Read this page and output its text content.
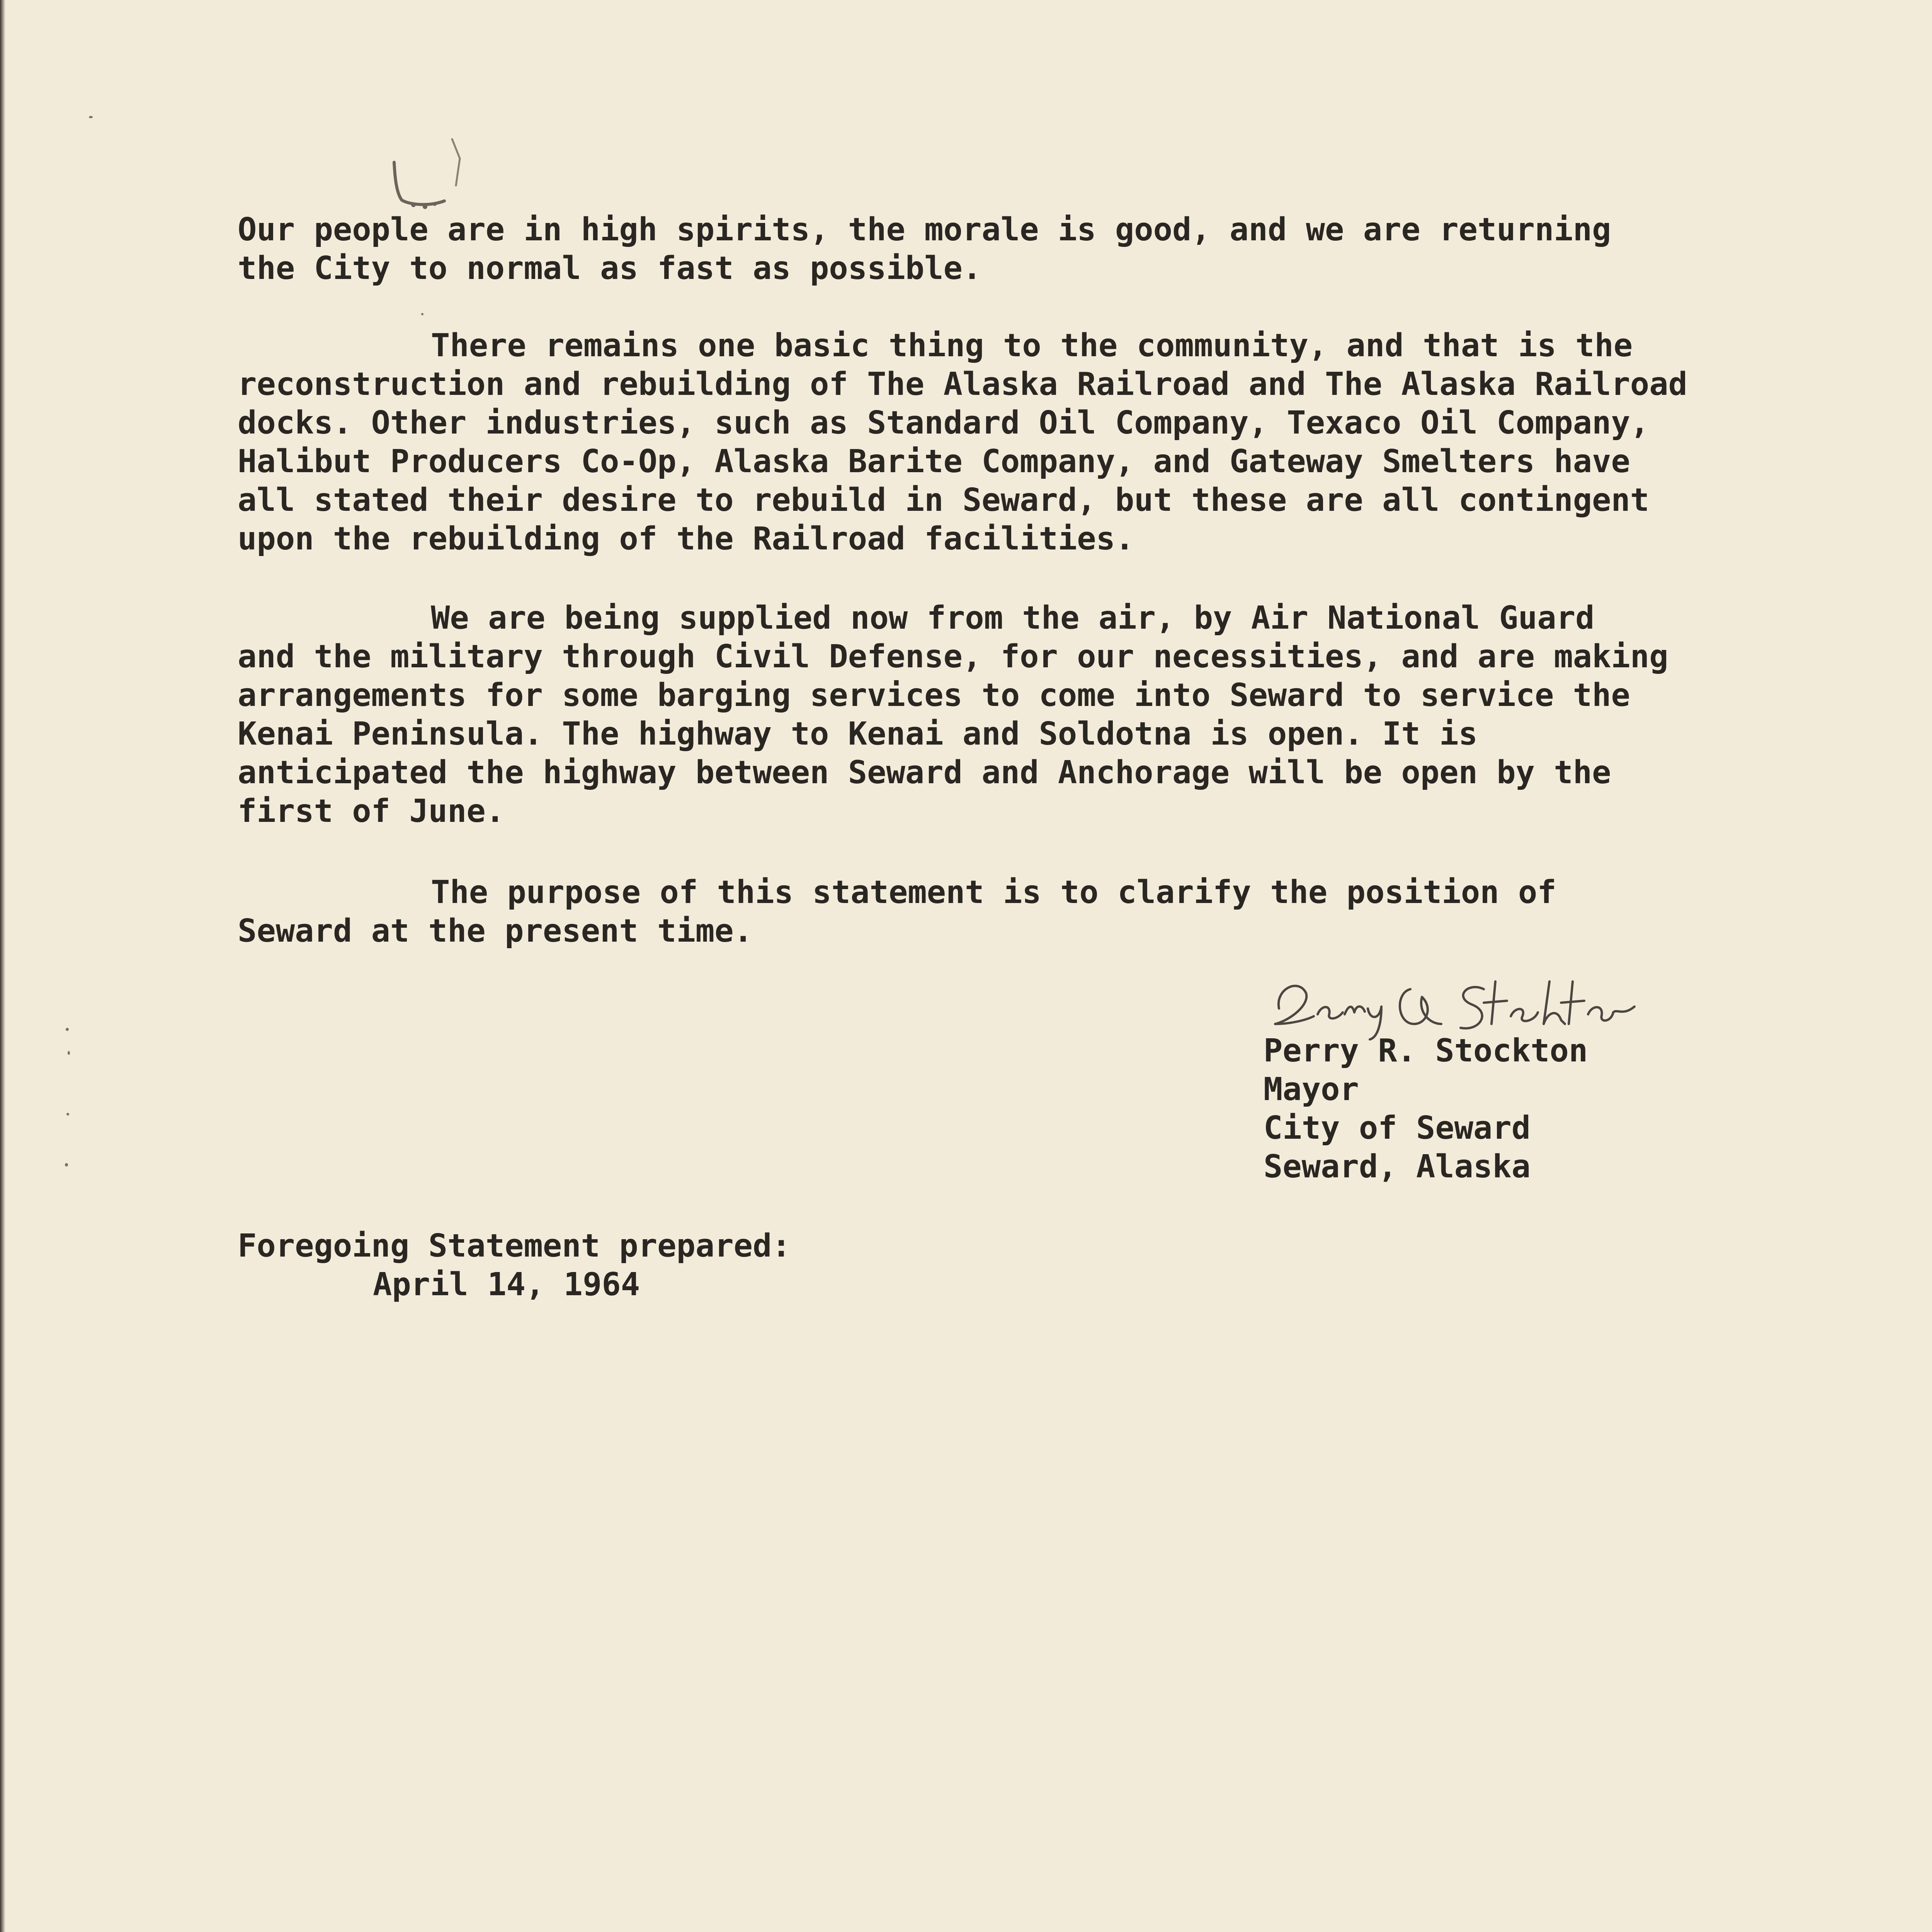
Our people are in high spirits, the morale is good, and we are returning

the City to normal as fast as possible.

There remains one basic thing to the community, and that is the

reconstruction and rebuilding of The Alaska Railroad and The Alaska Railroad

docks. Other industries, such as Standard Oil Company, Texaco Oil Company,

Halibut Producers Co-Op, Alaska Barite Company, and Gateway Smelters have

all stated their desire to rebuild in Seward, but these are all contingent

upon the rebuilding of the Railroad facilities.

We are being supplied now from the air, by Air National Guard

and the military through Civil Defense, for our necessities, and are making

arrangements for some barging services to come into Seward to service the

Kenai Peninsula. The highway to Kenai and Soldotna is open. It is

anticipated the highway between Seward and Anchorage will be open by the

first of June.

The purpose of this statement is to clarify the position of

Seward at the present time.

Perry R. Stockton

Mayor

City of Seward

Seward, Alaska

Foregoing Statement prepared:

April 14, 1964
